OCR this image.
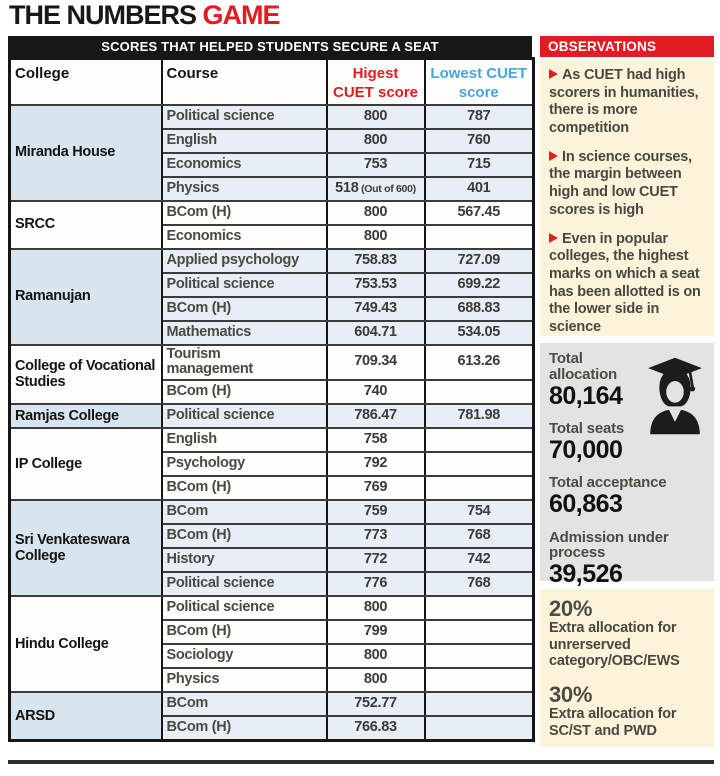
THE NUMBERS GAME
SCORES THAT HELPED STUDENTS SECURE A SEAT
College	Course	Higest CUET score	Lowest CUET score
Miranda House	Political science	800	787
	English	800	760
	Economics	753	715
	Physics	518 (Out of 600)	401
SRCC	BCom (H)	800	567.45
	Economics	800	
Ramanujan	Applied psychology	758.83	727.09
	Political science	753.53	699.22
	BCom (H)	749.43	688.83
	Mathematics	604.71	534.05
College of Vocational Studies	Tourism management	709.34	613.26
	BCom (H)	740	
Ramjas College	Political science	786.47	781.98
IP College	English	758	
	Psychology	792	
	BCom (H)	769	
Sri Venkateswara College	BCom	759	754
	BCom (H)	773	768
	History	772	742
	Political science	776	768
Hindu College	Political science	800	
	BCom (H)	799	
	Sociology	800	
	Physics	800	
ARSD	BCom	752.77	
	BCom (H)	766.83	
OBSERVATIONS

As CUET had high scorers in humanities, there is more competition

In science courses, the margin between high and low CUET scores is high

Even in popular colleges, the highest marks on which a seat has been allotted is on the lower side in science

Total allocation
80,164
Total seats
70,000
Total acceptance
60,863
Admission under process
39,526
20%
Extra allocation for unrerserved category/OBC/EWS
30%
Extra allocation for SC/ST and PWD
